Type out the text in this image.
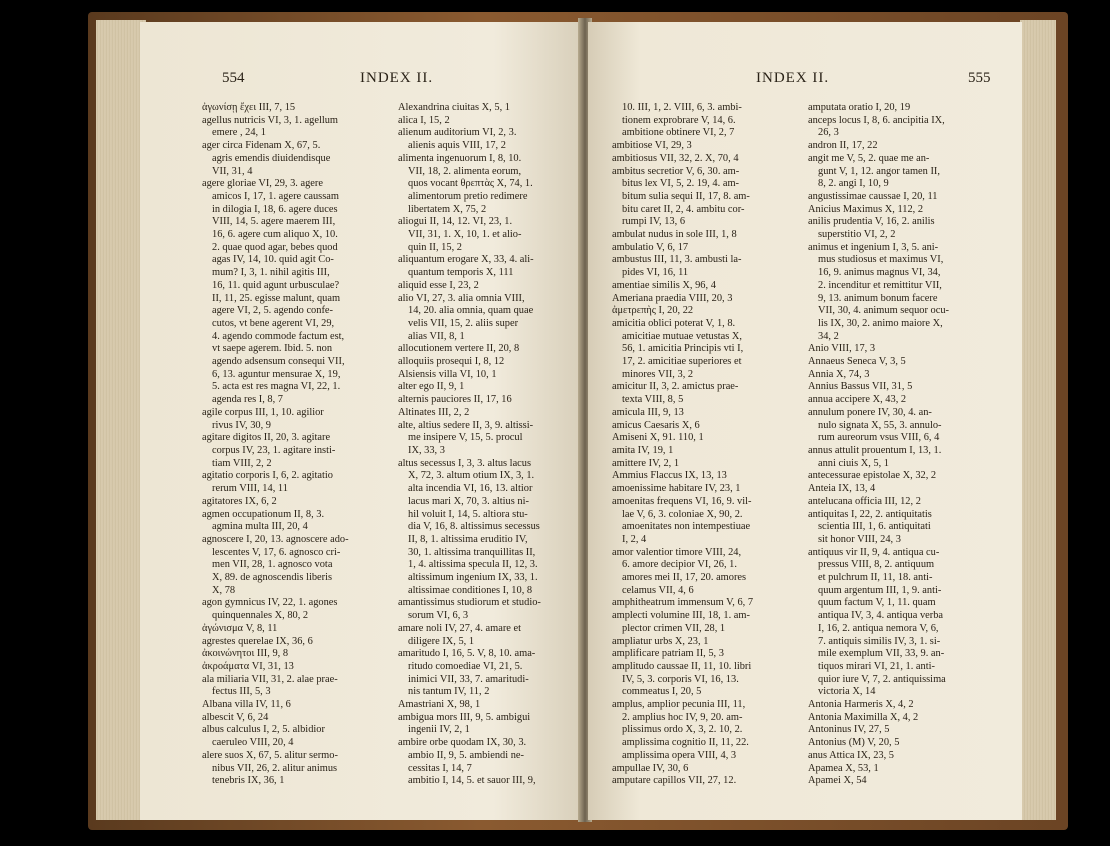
554	INDEX II.
ἀγωνίσῃ ἔχει III, 7, 15
agellus nutricis VI, 3, 1. agellum
emere , 24, 1
ager circa Fidenam X, 67, 5.
agris emendis diuidendisque
VII, 31, 4
agere gloriae VI, 29, 3. agere
amicos I, 17, 1. agere caussam
in dilogia I, 18, 6. agere duces
VIII, 14, 5. agere maerem III,
16, 6. agere cum aliquo X, 10.
2. quae quod agar, bebes quod
agas IV, 14, 10. quid agit Co-
mum? I, 3, 1. nihil agitis III,
16, 11. quid agunt urbusculae?
II, 11, 25. egisse malunt, quam
agere VI, 2, 5. agendo confe-
cutos, vt bene agerent VI, 29,
4. agendo commode factum est,
vt saepe agerem. Ibid. 5. non
agendo adsensum consequi VII,
6, 13. aguntur mensurae X, 19,
5. acta est res magna VI, 22, 1.
agenda res I, 8, 7
agile corpus III, 1, 10. agilior
rivus IV, 30, 9
agitare digitos II, 20, 3. agitare
corpus IV, 23, 1. agitare insti-
tiam VIII, 2, 2
agitatio corporis I, 6, 2. agitatio
rerum VIII, 14, 11
agitatores IX, 6, 2
agmen occupationum II, 8, 3.
agmina multa III, 20, 4
agnoscere I, 20, 13. agnoscere ado-
lescentes V, 17, 6. agnosco cri-
men VII, 28, 1. agnosco vota
X, 89. de agnoscendis liberis
X, 78
agon gymnicus IV, 22, 1. agones
quinquennales X, 80, 2
ἀγώνισμα V, 8, 11
agrestes querelae IX, 36, 6
ἀκοινώνητοι III, 9, 8
ἀκροάματα VI, 31, 13
ala miliaria VII, 31, 2. alae prae-
fectus III, 5, 3
Albana villa IV, 11, 6
albescit V, 6, 24
albus calculus I, 2, 5. albidior
caeruleo VIII, 20, 4
alere suos X, 67, 5. alitur sermo-
nibus VII, 26, 2. alitur animus
tenebris IX, 36, 1
Alexandrina ciuitas X, 5, 1
alica I, 15, 2
alienum auditorium VI, 2, 3.
alienis aquis VIII, 17, 2
alimenta ingenuorum I, 8, 10.
VII, 18, 2. alimenta eorum,
quos vocant θρεπτὰς X, 74, 1.
alimentorum pretio redimere
libertatem X, 75, 2
aliogui II, 14, 12. VI, 23, 1.
VII, 31, 1. X, 10, 1. et alio-
quin II, 15, 2
aliquantum erogare X, 33, 4. ali-
quantum temporis X, 111
aliquid esse I, 23, 2
alio VI, 27, 3. alia omnia VIII,
14, 20. alia omnia, quam quae
velis VII, 15, 2. aliis super
alias VII, 8, 1
allocutionem vertere II, 20, 8
alloquiis prosequi I, 8, 12
Alsiensis villa VI, 10, 1
alter ego II, 9, 1
alternis pauciores II, 17, 16
Altinates III, 2, 2
alte, altius sedere II, 3, 9. altissi-
me insipere V, 15, 5. procul
IX, 33, 3
altus secessus I, 3, 3. altus lacus
X, 72, 3. altum otium IX, 3, 1.
alta incendia VI, 16, 13. altior
lacus mari X, 70, 3. altius ni-
hil voluit I, 14, 5. altiora stu-
dia V, 16, 8. altissimus secessus
II, 8, 1. altissima eruditio IV,
30, 1. altissima tranquillitas II,
1, 4. altissima specula II, 12, 3.
altissimum ingenium IX, 33, 1.
altissimae conditiones I, 10, 8
amantissimus studiorum et studio-
sorum VI, 6, 3
amare noli IV, 27, 4. amare et
diligere IX, 5, 1
amaritudo I, 16, 5. V, 8, 10. ama-
ritudo comoediae VI, 21, 5.
inimici VII, 33, 7. amaritudi-
nis tantum IV, 11, 2
Amastriani X, 98, 1
ambigua mors III, 9, 5. ambigui
ingenii IV, 2, 1
ambire orbe quodam IX, 30, 3.
ambio II, 9, 5. ambiendi ne-
cessitas I, 14, 7
ambitio I, 14, 5. et sauor III, 9,
INDEX II.	555
10. III, 1, 2. VIII, 6, 3. ambi-
tionem exprobrare V, 14, 6.
ambitione obtinere VI, 2, 7
ambitiose VI, 29, 3
ambitiosus VII, 32, 2. X, 70, 4
ambitus secretior V, 6, 30. am-
bitus lex VI, 5, 2. 19, 4. am-
bitum sulia sequi II, 17, 8. am-
bitu caret II, 2, 4. ambitu cor-
rumpi IV, 13, 6
ambulat nudus in sole III, 1, 8
ambulatio V, 6, 17
ambustus III, 11, 3. ambusti la-
pides VI, 16, 11
amentiae similis X, 96, 4
Ameriana praedia VIII, 20, 3
ἀμετρεπὴς I, 20, 22
amicitia oblici poterat V, 1, 8.
amicitiae mutuae vetustas X,
56, 1. amicitia Principis vti I,
17, 2. amicitiae superiores et
minores VII, 3, 2
amicitur II, 3, 2. amictus prae-
texta VIII, 8, 5
amicula III, 9, 13
amicus Caesaris X, 6
Amiseni X, 91. 110, 1
amita IV, 19, 1
amittere IV, 2, 1
Ammius Flaccus IX, 13, 13
amoenissime habitare IV, 23, 1
amoenitas frequens VI, 16, 9. vil-
lae V, 6, 3. coloniae X, 90, 2.
amoenitates non intempestiuae
I, 2, 4
amor valentior timore VIII, 24,
6. amore decipior VI, 26, 1.
amores mei II, 17, 20. amores
celamus VII, 4, 6
amphitheatrum immensum V, 6, 7
amplecti volumine III, 18, 1. am-
plector crimen VII, 28, 1
ampliatur urbs X, 23, 1
amplificare patriam II, 5, 3
amplitudo caussae II, 11, 10. libri
IV, 5, 3. corporis VI, 16, 13.
commeatus I, 20, 5
amplus, amplior pecunia III, 11,
2. amplius hoc IV, 9, 20. am-
plissimus ordo X, 3, 2. 10, 2.
amplissima cognitio II, 11, 22.
amplissima opera VIII, 4, 3
ampullae IV, 30, 6
amputare capillos VII, 27, 12.
amputata oratio I, 20, 19
anceps locus I, 8, 6. ancipitia IX,
26, 3
andron II, 17, 22
angit me V, 5, 2. quae me an-
gunt V, 1, 12. angor tamen II,
8, 2. angi I, 10, 9
angustissimae caussae I, 20, 11
Anicius Maximus X, 112, 2
anilis prudentia V, 16, 2. anilis
superstitio VI, 2, 2
animus et ingenium I, 3, 5. ani-
mus studiosus et maximus VI,
16, 9. animus magnus VI, 34,
2. incenditur et remittitur VII,
9, 13. animum bonum facere
VII, 30, 4. animum sequor ocu-
lis IX, 30, 2. animo maiore X,
34, 2
Anio VIII, 17, 3
Annaeus Seneca V, 3, 5
Annia X, 74, 3
Annius Bassus VII, 31, 5
annua accipere X, 43, 2
annulum ponere IV, 30, 4. an-
nulo signata X, 55, 3. annulo-
rum aureorum vsus VIII, 6, 4
annus attulit prouentum I, 13, 1.
anni ciuis X, 5, 1
antecessurae epistolae X, 32, 2
Anteia IX, 13, 4
antelucana officia III, 12, 2
antiquitas I, 22, 2. antiquitatis
scientia III, 1, 6. antiquitati
sit honor VIII, 24, 3
antiquus vir II, 9, 4. antiqua cu-
pressus VIII, 8, 2. antiquum
et pulchrum II, 11, 18. anti-
quum argentum III, 1, 9. anti-
quum factum V, 1, 11. quam
antiqua IV, 3, 4. antiqua verba
I, 16, 2. antiqua nemora V, 6,
7. antiquis similis IV, 3, 1. si-
mile exemplum VII, 33, 9. an-
tiquos mirari VI, 21, 1. anti-
quior iure V, 7, 2. antiquissima
victoria X, 14
Antonia Harmeris X, 4, 2
Antonia Maximilla X, 4, 2
Antoninus IV, 27, 5
Antonius (M) V, 20, 5
anus Attica IX, 23, 5
Apamea X, 53, 1
Apamei X, 54
